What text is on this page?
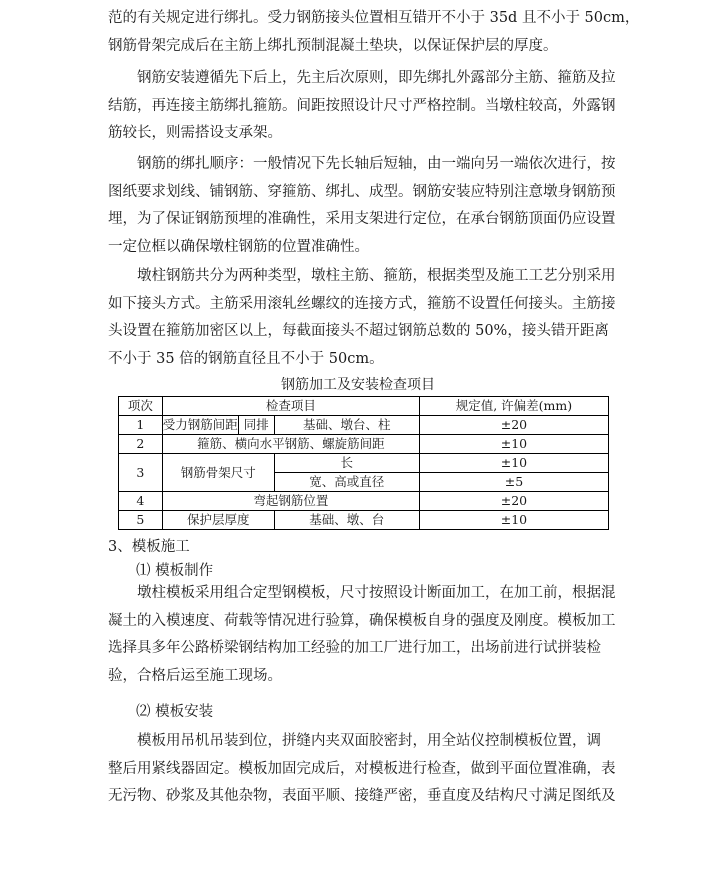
范的有关规定进行绑扎。受力钢筋接头位置相互错开不小于 35d 且不小于 50cm，
钢筋骨架完成后在主筋上绑扎预制混凝土垫块，以保证保护层的厚度。

　　钢筋安装遵循先下后上，先主后次原则，即先绑扎外露部分主筋、箍筋及拉
结筋，再连接主筋绑扎箍筋。间距按照设计尺寸严格控制。当墩柱较高，外露钢
筋较长，则需搭设支承架。

　　钢筋的绑扎顺序：一般情况下先长轴后短轴，由一端向另一端依次进行，按
图纸要求划线、铺钢筋、穿箍筋、绑扎、成型。钢筋安装应特别注意墩身钢筋预
埋，为了保证钢筋预埋的准确性，采用支架进行定位，在承台钢筋顶面仍应设置
一定位框以确保墩柱钢筋的位置准确性。

　　墩柱钢筋共分为两种类型，墩柱主筋、箍筋，根据类型及施工工艺分别采用
如下接头方式。主筋采用滚轧丝螺纹的连接方式，箍筋不设置任何接头。主筋接
头设置在箍筋加密区以上，每截面接头不超过钢筋总数的 50%，接头错开距离
不小于 35 倍的钢筋直径且不小于 50cm。

钢筋加工及安装检查项目

项次	检查项目			规定值, 许偏差(mm)
1	受力钢筋间距	同排	基础、墩台、柱	±20
2	箍筋、横向水平钢筋、螺旋筋间距			±10
3	钢筋骨架尺寸		长	±10
			宽、高或直径	±5
4	弯起钢筋位置			±20
5	保护层厚度		基础、墩、台	±10

3、模板施工

⑴ 模板制作

　　墩柱模板采用组合定型钢模板，尺寸按照设计断面加工，在加工前，根据混
凝土的入模速度、荷载等情况进行验算，确保模板自身的强度及刚度。模板加工
选择具多年公路桥梁钢结构加工经验的加工厂进行加工，出场前进行试拼装检
验，合格后运至施工现场。

⑵ 模板安装

　　模板用吊机吊装到位，拼缝内夹双面胶密封，用全站仪控制模板位置，调
整后用紧线器固定。模板加固完成后，对模板进行检查，做到平面位置准确，表
无污物、砂浆及其他杂物，表面平顺、接缝严密，垂直度及结构尺寸满足图纸及
